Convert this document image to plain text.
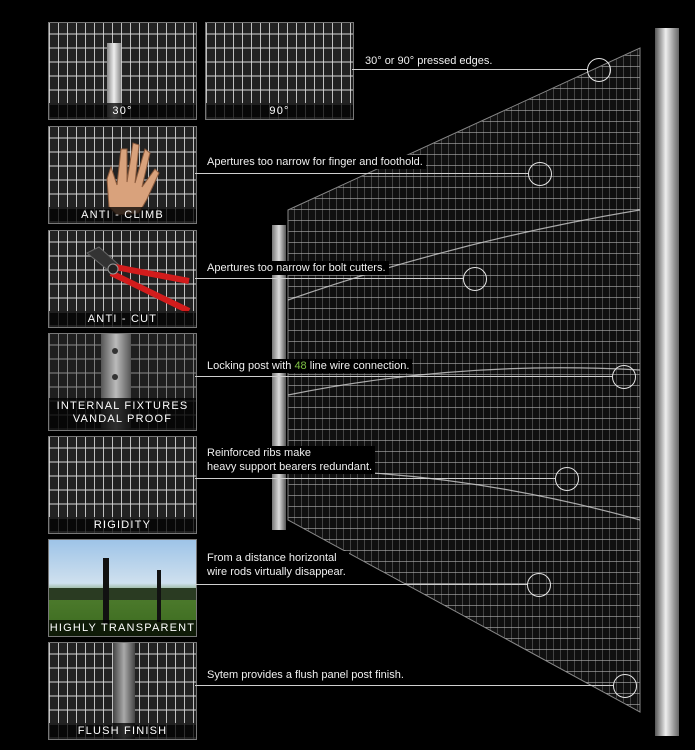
30°	90°
ANTI - CLIMB
ANTI - CUT
INTERNAL FIXTURES
VANDAL PROOF
RIGIDITY
HIGHLY TRANSPARENT
FLUSH FINISH
30° or 90° pressed edges.
Apertures too narrow for finger and foothold.
Apertures too narrow for bolt cutters.
Locking post with 48 line wire connection.
Reinforced ribs make
heavy support bearers redundant.
From a distance horizontal
wire rods virtually disappear.
Sytem provides a flush panel post finish.
